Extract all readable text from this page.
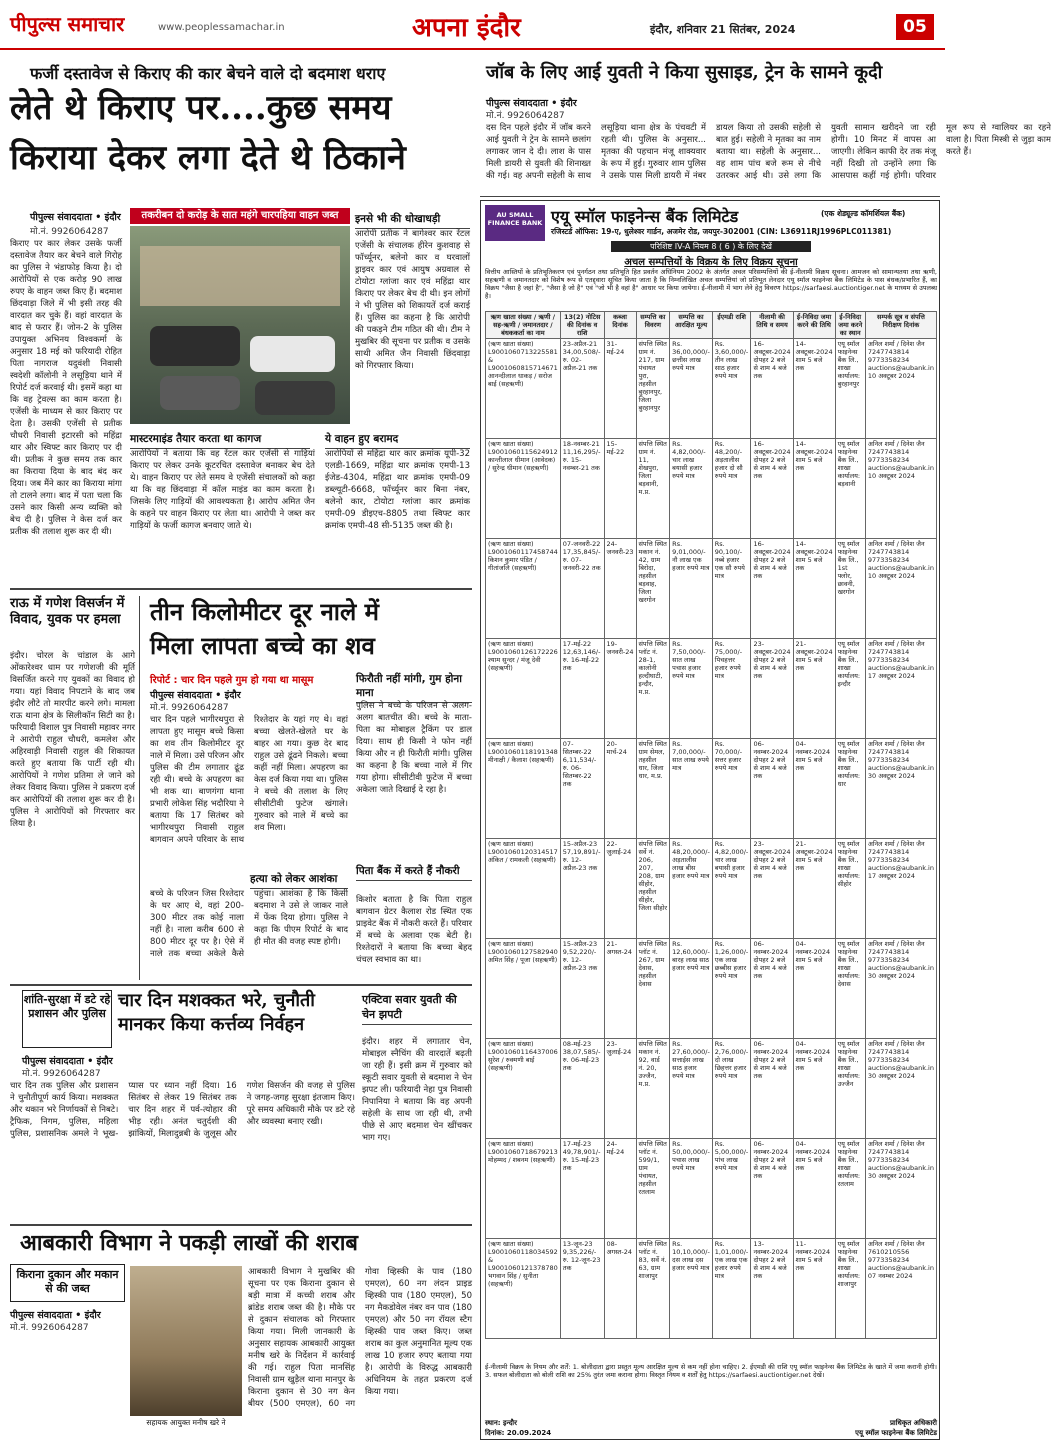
पीपुल्स समाचार	www.peoplessamachar.in	अपना इंदौर	इंदौर, शनिवार 21 सितंबर, 2024	05
फर्जी दस्तावेज से किराए की कार बेचने वाले दो बदमाश धराए
लेते थे किराए पर....कुछ समय
किराया देकर लगा देते थे ठिकाने
पीपुल्स संवाददाता • इंदौर
मो.नं. 9926064287
किराए पर कार लेकर उसके फर्जी दस्तावेज तैयार कर बेचने वाले गिरोह का पुलिस ने भंडाफोड़ किया है। दो आरोपियों से एक करोड़ 90 लाख रुपए के वाहन जब्त किए हैं। बदमाश छिंदवाड़ा जिले में भी इसी तरह की वारदात कर चुके हैं। वहां वारदात के बाद से फरार हैं। जोन-2 के पुलिस उपायुक्त अभिनय विश्वकर्मा के अनुसार 18 मई को फरियादी रोहित पिता नागराज यदुवंशी निवासी स्वदेशी कॉलोनी ने लसूड़िया थाने में रिपोर्ट दर्ज करवाई थी। इसमें कहा था कि वह ट्रेवल्स का काम करता है। एजेंसी के माध्यम से कार किराए पर देता है। उसकी एजेंसी से प्रतीक चौधरी निवासी इटारसी को महिंद्रा थार और स्विफ्ट कार किराए पर दी थी। प्रतीक ने कुछ समय तक कार का किराया दिया के बाद बंद कर दिया। जब मैंने कार का किराया मांगा तो टालने लगा। बाद में पता चला कि उसने कार किसी अन्य व्यक्ति को बेच दी है। पुलिस ने केस दर्ज कर प्रतीक की तलाश शुरू कर दी थी।
तकरीबन दो करोड़ के सात महंगे चारपहिया वाहन जब्त	इनसे भी की धोखाधड़ी
आरोपी प्रतीक ने बागेश्वर कार रेंटल एजेंसी के संचालक हीरेन कुशवाह से फॉर्च्यूनर, बलेनो कार व घरवालों ड्राइवर कार एवं आयुष अग्रवाल से टोयोटा ग्लांजा कार एवं महिंद्रा थार किराए पर लेकर बेच दी थी। इन लोगों ने भी पुलिस को शिकायतें दर्ज कराई हैं। पुलिस का कहना है कि आरोपी की पकड़ने टीम गठित की थी। टीम ने मुखबिर की सूचना पर प्रतीक व उसके साथी अमित जैन निवासी छिंदवाड़ा को गिरफ्तार किया।
मास्टरमाइंड तैयार करता था कागज
आरोपियों ने बताया कि वह रेंटल कार एजेंसी से गाड़ियां किराए पर लेकर उनके कूटरचित दस्तावेज बनाकर बेच देते थे। वाहन किराए पर लेते समय वे एजेंसी संचालकों को कहा था कि वह छिंदवाड़ा में कॉल माइंड का काम करता है। जिसके लिए गाड़ियों की आवश्यकता है। आरोप अमित जैन के कहने पर वाहन किराए पर लेता था। आरोपी ने जब्त कर गाड़ियों के फर्जी कागज बनवाए जाते थे।
ये वाहन हुए बरामद
आरोपियों से महिंद्रा थार कार क्रमांक यूपी-32 एलडी-1669, महिंद्रा थार क्रमांक एमपी-13 ईजेड-4304, महिंद्रा थार क्रमांक एमपी-09 डब्ल्यूटी-6668, फॉर्च्यूनर कार बिना नंबर, बलेनो कार, टोयोटा ग्लांजा कार क्रमांक एमपी-09 डीइएच-8805 तथा स्विफ्ट कार क्रमांक एमपी-48 सी-5135 जब्त की है।
जॉब के लिए आई युवती ने किया सुसाइड, ट्रेन के सामने कूदी
पीपुल्स संवाददाता • इंदौर
मो.नं. 9926064287
दस दिन पहले इंदौर में जॉब करने आई युवती ने ट्रेन के सामने छलांग लगाकर जान दे दी। लाश के पास मिली डायरी से युवती की शिनाख्त की गई। वह अपनी सहेली के साथ लसूड़िया थाना क्षेत्र के पंचवटी में रहती थी। पुलिस के अनुसार... मृतका की पहचान मंजू शाक्यवार के रूप में हुई। गुरुवार शाम पुलिस ने उसके पास मिली डायरी में नंबर डायल किया तो उसकी सहेली से बात हुई। सहेली ने मृतका का नाम बताया था। सहेली के अनुसार... वह शाम पांच बजे रूम से नीचे उतरकर आई थी। उसे लगा कि युवती सामान खरीदने जा रही होगी। 10 मिनट में वापस आ जाएगी। लेकिन काफी देर तक मंजू नहीं दिखी तो उन्होंने लगा कि आसपास कहीं गई होगी। परिवार मूल रूप से ग्वालियर का रहने वाला है। पिता मिस्त्री से जुड़ा काम करते हैं।
AU SMALL FINANCE BANK एयू स्मॉल फाइनेन्स बैंक लिमिटेड	(एक शेड्यूल्ड कॉमर्शियल बैंक)
रजिस्टर्ड ऑफिस: 19-ए, धुलेश्वर गार्डन, अजमेर रोड, जयपुर-302001 (CIN: L36911RJ1996PLC011381)
परिशिष्ट IV-A नियम 8 ( 6 ) के लिए देखें
अचल सम्पत्तियों के विक्रय के लिए विक्रय सूचना
वित्तीय आस्तियों के प्रतिभूतिकरण एवं पुनर्गठन तथा प्रतिभूति हित प्रवर्तन अधिनियम 2002 के अंतर्गत अचल परिसम्पत्तियों की ई-नीलामी विक्रय सूचना। आमजन को सामान्यतया तथा ऋणी, सहऋणी व जमानतदार को विशेष रूप से एतद्द्वारा सूचित किया जाता है कि निम्नलिखित अचल सम्पत्तियां जो प्रतिभूत लेनदार एयू स्मॉल फाइनेन्स बैंक लिमिटेड के पास बंधक/प्रभारित हैं, का विक्रय "जैसा है जहां है", "जैसा है जो है" एवं "जो भी है वहां है" आधार पर किया जायेगा। ई-नीलामी में भाग लेने हेतु विवरण https://sarfaesi.auctiontiger.net के माध्यम से उपलब्ध है।
ऋण खाता संख्या / ऋणी / सह-ऋणी / जमानतदार / बंधककर्ता का नाम	13(2) नोटिस की दिनांक व राशि	कब्जा दिनांक	सम्पत्ति का विवरण	सम्पत्ति का आरक्षित मूल्य	ईएमडी राशि	नीलामी की तिथि व समय	ई-निविदा जमा करने की तिथि	ई-निविदा जमा करने का स्थान	सम्पर्क सूत्र व संपत्ति निरीक्षण दिनांक
(ऋण खाता संख्या) L9001060713225581 & L9001060815714671 आनन्दीलाल धाकड़ / सरोज बाई (सहऋणी)	23-अप्रैल-21 34,00,508/- रु. 02-अप्रैल-21 तक	31-मई-24	संपत्ति स्थित ग्राम नं. 217, ग्राम पंचायत पुरा, तहसील बुरहानपुर, जिला बुरहानपुर	Rs. 36,00,000/- छत्तीस लाख रुपये मात्र	Rs. 3,60,000/- तीन लाख साठ हजार रुपये मात्र	16-अक्टूबर-2024 दोपहर 2 बजे से शाम 4 बजे तक	14-अक्टूबर-2024 शाम 5 बजे तक	एयू स्मॉल फाइनेन्स बैंक लि., शाखा कार्यालय: बुरहानपुर	अनिल शर्मा / दिनेश जैन 7247743814 9773358234 auctions@aubank.in 10 अक्टूबर 2024
(ऋण खाता संख्या) L9001060115624912 कान्तीलाल धीमान (आवेदक) / सुरेन्द्र धीमान (सहऋणी)	18-नवम्बर-21 11,16,295/- रु. 15-नवम्बर-21 तक	15-मई-22	संपत्ति स्थित ग्राम नं. 11, शेखपुरा, जिला बड़वानी, म.प्र.	Rs. 4,82,000/- चार लाख बयासी हजार रुपये मात्र	Rs. 48,200/- अड़तालीस हजार दो सौ रुपये मात्र	16-अक्टूबर-2024 दोपहर 2 बजे से शाम 4 बजे तक	14-अक्टूबर-2024 शाम 5 बजे तक	एयू स्मॉल फाइनेन्स बैंक लि., शाखा कार्यालय: बड़वानी	अनिल शर्मा / दिनेश जैन 7247743814 9773358234 auctions@aubank.in 10 अक्टूबर 2024
(ऋण खाता संख्या) L9001060117458744 किशन कुमार पंडित / गीतांजलि (सहऋणी)	07-जनवरी-22 17,35,845/- रु. 07-जनवरी-22 तक	24-जनवरी-23	संपत्ति स्थित मकान नं. 42, ग्राम बिरोदा, तहसील बड़वाह, जिला खरगोन	Rs. 9,01,000/- नौ लाख एक हजार रुपये मात्र	Rs. 90,100/- नब्बे हजार एक सौ रुपये मात्र	16-अक्टूबर-2024 दोपहर 2 बजे से शाम 4 बजे तक	14-अक्टूबर-2024 शाम 5 बजे तक	एयू स्मॉल फाइनेन्स बैंक लि., 1st फ्लोर, छावनी, खरगोन	अनिल शर्मा / दिनेश जैन 7247743814 9773358234 auctions@aubank.in 10 अक्टूबर 2024
(ऋण खाता संख्या) L9001060126172226 श्याम सुन्दर / मंजू देवी (सहऋणी)	17-मई-22 12,63,146/- रु. 16-मई-22 तक	19-जनवरी-24	संपत्ति स्थित प्लॉट नं. 28-1, कालोनी हल्दीघाटी, इन्दौर, म.प्र.	Rs. 7,50,000/- सात लाख पचास हजार रुपये मात्र	Rs. 75,000/- पिचहत्तर हजार रुपये मात्र	23-अक्टूबर-2024 दोपहर 2 बजे से शाम 4 बजे तक	21-अक्टूबर-2024 शाम 5 बजे तक	एयू स्मॉल फाइनेन्स बैंक लि., शाखा कार्यालय: इन्दौर	अनिल शर्मा / दिनेश जैन 7247743814 9773358234 auctions@aubank.in 17 अक्टूबर 2024
(ऋण खाता संख्या) L9001060118191348 मीनाक्षी / कैलाश (सहऋणी)	07-सितम्बर-22 6,11,534/- रु. 06-सितम्बर-22 तक	20-मार्च-24	संपत्ति स्थित ग्राम सेमल, तहसील धार, जिला धार, म.प्र.	Rs. 7,00,000/- सात लाख रुपये मात्र	Rs. 70,000/- सत्तर हजार रुपये मात्र	06-नवम्बर-2024 दोपहर 2 बजे से शाम 4 बजे तक	04-नवम्बर-2024 शाम 5 बजे तक	एयू स्मॉल फाइनेन्स बैंक लि., शाखा कार्यालय: धार	अनिल शर्मा / दिनेश जैन 7247743814 9773358234 auctions@aubank.in 30 अक्टूबर 2024
(ऋण खाता संख्या) L9001060120314517 अंकित / रामकली (सहऋणी)	15-अप्रैल-23 57,19,891/- रु. 12-अप्रैल-23 तक	22-जुलाई-24	संपत्ति स्थित सर्वे नं. 206, 207, 208, ग्राम सीहोर, तहसील सीहोर, जिला सीहोर	Rs. 48,20,000/- अड़तालीस लाख बीस हजार रुपये मात्र	Rs. 4,82,000/- चार लाख बयासी हजार रुपये मात्र	23-अक्टूबर-2024 दोपहर 2 बजे से शाम 4 बजे तक	21-अक्टूबर-2024 शाम 5 बजे तक	एयू स्मॉल फाइनेन्स बैंक लि., शाखा कार्यालय: सीहोर	अनिल शर्मा / दिनेश जैन 7247743814 9773358234 auctions@aubank.in 17 अक्टूबर 2024
(ऋण खाता संख्या) L9001060127582940 अमित सिंह / पूजा (सहऋणी)	15-अप्रैल-23 9,52,220/- रु. 12-अप्रैल-23 तक	21-अगस्त-24	संपत्ति स्थित प्लॉट नं. 267, ग्राम देवास, तहसील देवास	Rs. 12,60,000/- बारह लाख साठ हजार रुपये मात्र	Rs. 1,26,000/- एक लाख छब्बीस हजार रुपये मात्र	06-नवम्बर-2024 दोपहर 2 बजे से शाम 4 बजे तक	04-नवम्बर-2024 शाम 5 बजे तक	एयू स्मॉल फाइनेन्स बैंक लि., शाखा कार्यालय: देवास	अनिल शर्मा / दिनेश जैन 7247743814 9773358234 auctions@aubank.in 30 अक्टूबर 2024
(ऋण खाता संख्या) L9001060116437006 सुरेश / रुक्मणी बाई (सहऋणी)	08-मई-23 38,07,585/- रु. 06-मई-23 तक	23-जुलाई-24	संपत्ति स्थित मकान नं. 92, वार्ड नं. 20, उज्जैन, म.प्र.	Rs. 27,60,000/- सत्ताईस लाख साठ हजार रुपये मात्र	Rs. 2,76,000/- दो लाख छिहत्तर हजार रुपये मात्र	06-नवम्बर-2024 दोपहर 2 बजे से शाम 4 बजे तक	04-नवम्बर-2024 शाम 5 बजे तक	एयू स्मॉल फाइनेन्स बैंक लि., शाखा कार्यालय: उज्जैन	अनिल शर्मा / दिनेश जैन 7247743814 9773358234 auctions@aubank.in 30 अक्टूबर 2024
(ऋण खाता संख्या) L9001060718679213 मोहम्मद / शबनम (सहऋणी)	17-मई-23 49,78,901/- रु. 15-मई-23 तक	24-मई-24	संपत्ति स्थित प्लॉट नं. 599/1, ग्राम पंचायत, तहसील रतलाम	Rs. 50,00,000/- पचास लाख रुपये मात्र	Rs. 5,00,000/- पांच लाख रुपये मात्र	06-नवम्बर-2024 दोपहर 2 बजे से शाम 4 बजे तक	04-नवम्बर-2024 शाम 5 बजे तक	एयू स्मॉल फाइनेन्स बैंक लि., शाखा कार्यालय: रतलाम	अनिल शर्मा / दिनेश जैन 7247743814 9773358234 auctions@aubank.in 30 अक्टूबर 2024
(ऋण खाता संख्या) L9001060118034592 & L9001060121378780 भगवान सिंह / सुनीता (सहऋणी)	13-जून-23 9,35,226/- रु. 12-जून-23 तक	08-अगस्त-24	संपत्ति स्थित प्लॉट नं. 83, सर्वे नं. 63, ग्राम शाजापुर	Rs. 10,10,000/- दस लाख दस हजार रुपये मात्र	Rs. 1,01,000/- एक लाख एक हजार रुपये मात्र	13-नवम्बर-2024 दोपहर 2 बजे से शाम 4 बजे तक	11-नवम्बर-2024 शाम 5 बजे तक	एयू स्मॉल फाइनेन्स बैंक लि., शाखा कार्यालय: शाजापुर	अनिल शर्मा / दिनेश जैन 7610210556 9773358234 auctions@aubank.in 07 नवम्बर 2024
ई-नीलामी विक्रय के नियम और शर्तें: 1. बोलीदाता द्वारा प्रस्तुत मूल्य आरक्षित मूल्य से कम नहीं होना चाहिए। 2. ईएमडी की राशि एयू स्मॉल फाइनेन्स बैंक लिमिटेड के खाते में जमा करानी होगी। 3. सफल बोलीदाता को बोली राशि का 25% तुरंत जमा कराना होगा। विस्तृत नियम व शर्तों हेतु https://sarfaesi.auctiontiger.net देखें।
स्थान: इन्दौर
दिनांक: 20.09.2024
प्राधिकृत अधिकारी
एयू स्मॉल फाइनेन्स बैंक लिमिटेड
राऊ में गणेश विसर्जन में विवाद, युवक पर हमला
इंदौर। चोरल के चांडाल के आगे ओंकारेश्वर धाम पर गणेशजी की मूर्ति विसर्जित करने गए युवकों का विवाद हो गया। यहां विवाद निपटाने के बाद जब इंदौर लौटे तो मारपीट करने लगे। मामला राऊ थाना क्षेत्र के सिलीकॉन सिटी का है। फरियादी विशाल पुत्र निवासी महावर नगर ने आरोपी राहुल चौधरी, कमलेश और अहिरवाड़ी निवासी राहुल की शिकायत करते हुए बताया कि पार्टी रही थी। आरोपियों ने गणेश प्रतिमा ले जाने को लेकर विवाद किया। पुलिस ने प्रकरण दर्ज कर आरोपियों की तलाश शुरू कर दी है। पुलिस ने आरोपियों को गिरफ्तार कर लिया है।
तीन किलोमीटर दूर नाले में
मिला लापता बच्चे का शव
रिपोर्ट : चार दिन पहले गुम हो गया था मासूम
पीपुल्स संवाददाता • इंदौर
मो.नं. 9926064287
चार दिन पहले भागीरथपुरा से लापता हुए मासूम बच्चे किसा का शव तीन किलोमीटर दूर नाले में मिला। उसे परिजन और पुलिस की टीम लगातार ढूंढ रही थी। बच्चे के अपहरण का भी शक था। बाणगंगा थाना प्रभारी लोकेश सिंह भदौरिया ने बताया कि 17 सितंबर को भागीरथपुरा निवासी राहुल बागवान अपने परिवार के साथ रिश्तेदार के यहां गए थे। वहां बच्चा खेलते-खेलते घर के बाहर आ गया। कुछ देर बाद राहुल उसे ढूंढने निकले। बच्चा कहीं नहीं मिला। अपहरण का केस दर्ज किया गया था। पुलिस ने बच्चे की तलाश के लिए सीसीटीवी फुटेज खंगाले। गुरुवार को नाले में बच्चे का शव मिला।
हत्या को लेकर आशंका
बच्चे के परिजन जिस रिश्तेदार के घर आए थे, वहां 200-300 मीटर तक कोई नाला नहीं है। नाला करीब 600 से 800 मीटर दूर पर है। ऐसे में नाले तक बच्चा अकेले कैसे पहुंचा। आशंका है कि किसी बदमाश ने उसे ले जाकर नाले में फेंक दिया होगा। पुलिस ने कहा कि पीएम रिपोर्ट के बाद ही मौत की वजह स्पष्ट होगी।
फिरौती नहीं मांगी, गुम होना माना
पुलिस ने बच्चे के परिजन से अलग-अलग बातचीत की। बच्चे के माता-पिता का मोबाइल ट्रैकिंग पर डाल दिया। साथ ही किसी ने फोन नहीं किया और न ही फिरौती मांगी। पुलिस का कहना है कि बच्चा नाले में गिर गया होगा। सीसीटीवी फुटेज में बच्चा अकेला जाते दिखाई दे रहा है।
पिता बैंक में करते हैं नौकरी
किशोर बताता है कि पिता राहुल बागवान ग्रेटर कैलाश रोड स्थित एक प्राइवेट बैंक में नौकरी करते हैं। परिवार में बच्चे के अलावा एक बेटी है। रिश्तेदारों ने बताया कि बच्चा बेहद चंचल स्वभाव का था।
शांति-सुरक्षा में डटे रहे प्रशासन और पुलिस
चार दिन मशक्कत भरे, चुनौती
मानकर किया कर्त्तव्य निर्वहन
पीपुल्स संवाददाता • इंदौर
मो.नं. 9926064287
चार दिन तक पुलिस और प्रशासन ने चुनौतीपूर्ण कार्य किया। मशक्कत और थकान भरे निर्णायकों से निबटे। ट्रैफिक, निगम, पुलिस, महिला पुलिस, प्रशासनिक अमले ने भूख-प्यास पर ध्यान नहीं दिया। 16 सितंबर से लेकर 19 सितंबर तक चार दिन शहर में पर्व-त्योहार की भीड़ रही। अनंत चतुर्दशी की झांकियों, मिलादुन्नबी के जुलूस और गणेश विसर्जन की वजह से पुलिस ने जगह-जगह सुरक्षा इंतजाम किए। पूरे समय अधिकारी मौके पर डटे रहे और व्यवस्था बनाए रखी।
एक्टिवा सवार युवती की चेन झपटी
इंदौर। शहर में लगातार चेन, मोबाइल स्नैचिंग की वारदातें बढ़ती जा रही हैं। इसी क्रम में गुरुवार को स्कूटी सवार युवती से बदमाश ने चेन झपट ली। फरियादी नेहा पुत्र निवासी निपानिया ने बताया कि वह अपनी सहेली के साथ जा रही थी, तभी पीछे से आए बदमाश चेन खींचकर भाग गए।
आबकारी विभाग ने पकड़ी लाखों की शराब
किराना दुकान और मकान से की जब्त
पीपुल्स संवाददाता • इंदौर
मो.नं. 9926064287
सहायक आयुक्त मनीष खरे ने
आबकारी विभाग ने मुखबिर की सूचना पर एक किराना दुकान से बड़ी मात्रा में कच्ची शराब और ब्रांडेड शराब जब्त की है। मौके पर से दुकान संचालक को गिरफ्तार किया गया। मिली जानकारी के अनुसार सहायक आबकारी आयुक्त मनीष खरे के निर्देशन में कार्रवाई की गई। राहुल पिता मानसिंह निवासी ग्राम खुड़ैल थाना मानपुर के किराना दुकान से 30 नग केन बीयर (500 एमएल), 60 नग गोवा व्हिस्की के पाव (180 एमएल), 60 नग लंदन प्राइड व्हिस्की पाव (180 एमएल), 50 नग मैकडोवेल नंबर वन पाव (180 एमएल) और 50 नग रॉयल स्टैग व्हिस्की पाव जब्त किए। जब्त शराब का कुल अनुमानित मूल्य एक लाख 10 हजार रुपए बताया गया है। आरोपी के विरुद्ध आबकारी अधिनियम के तहत प्रकरण दर्ज किया गया।
